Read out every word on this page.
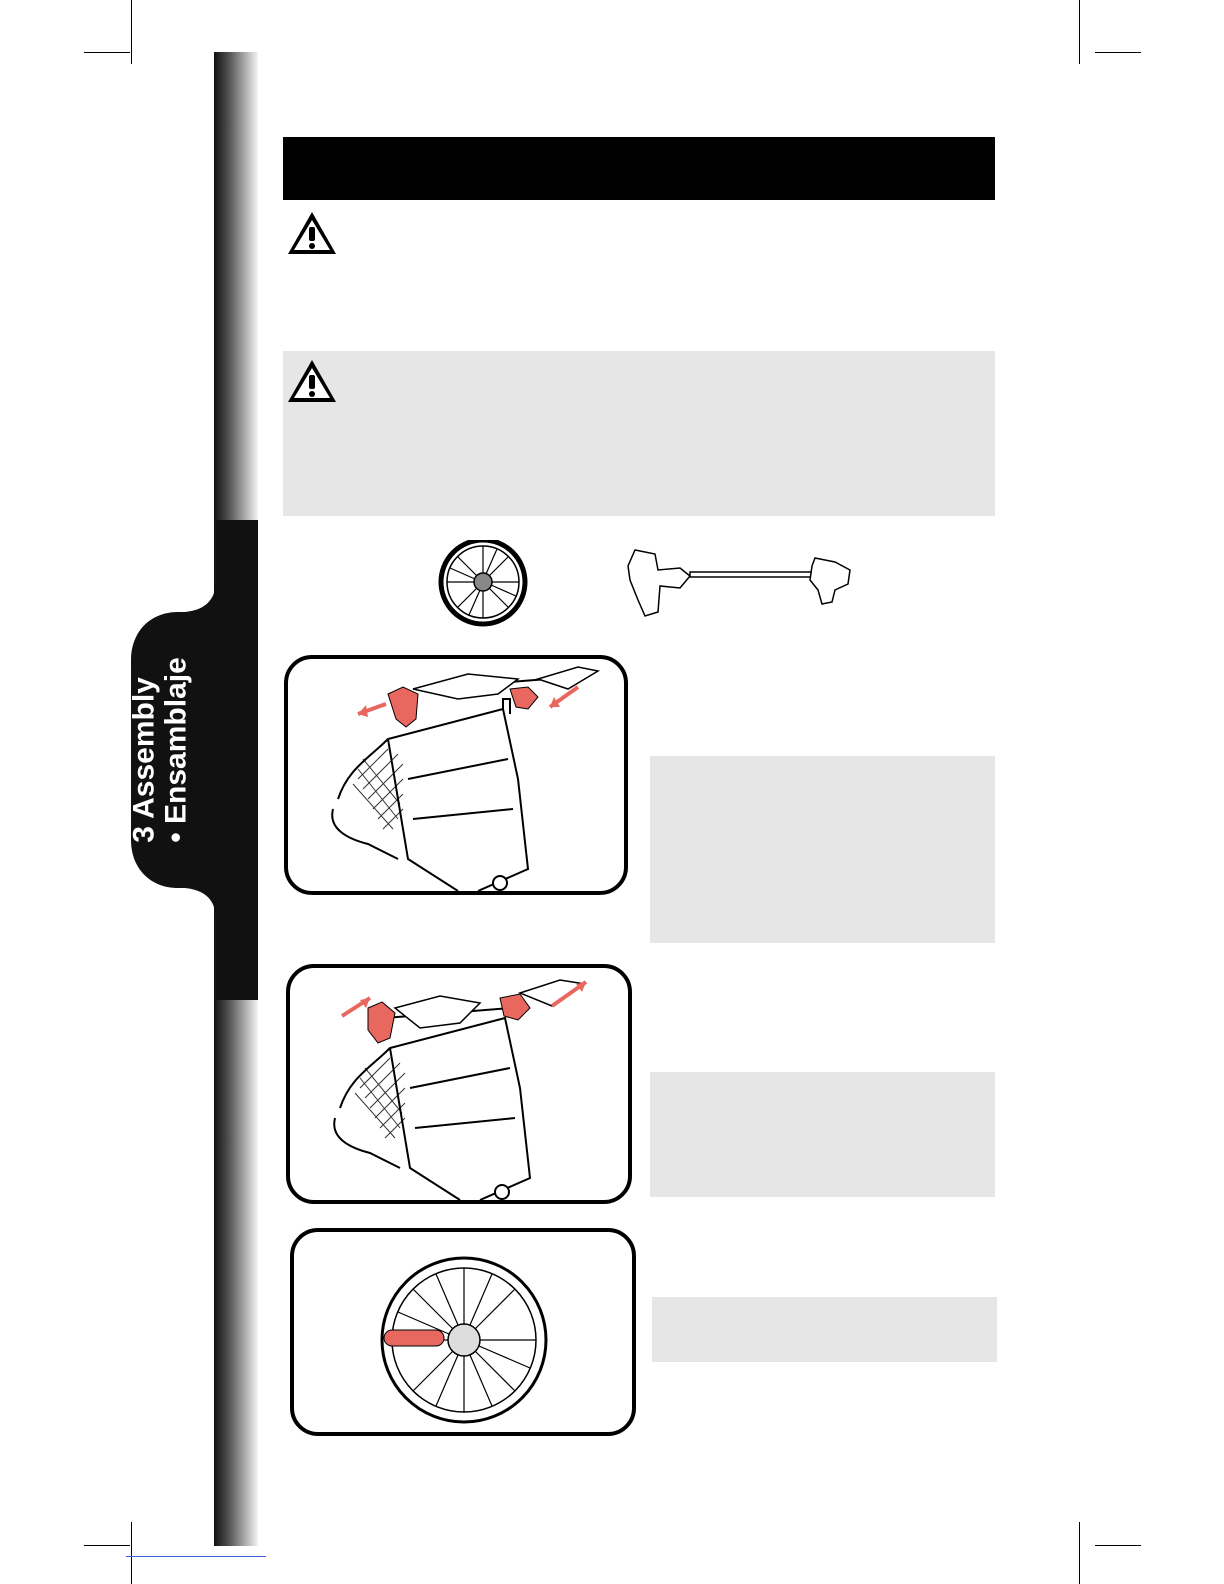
3 Assembly
• Ensamblaje
